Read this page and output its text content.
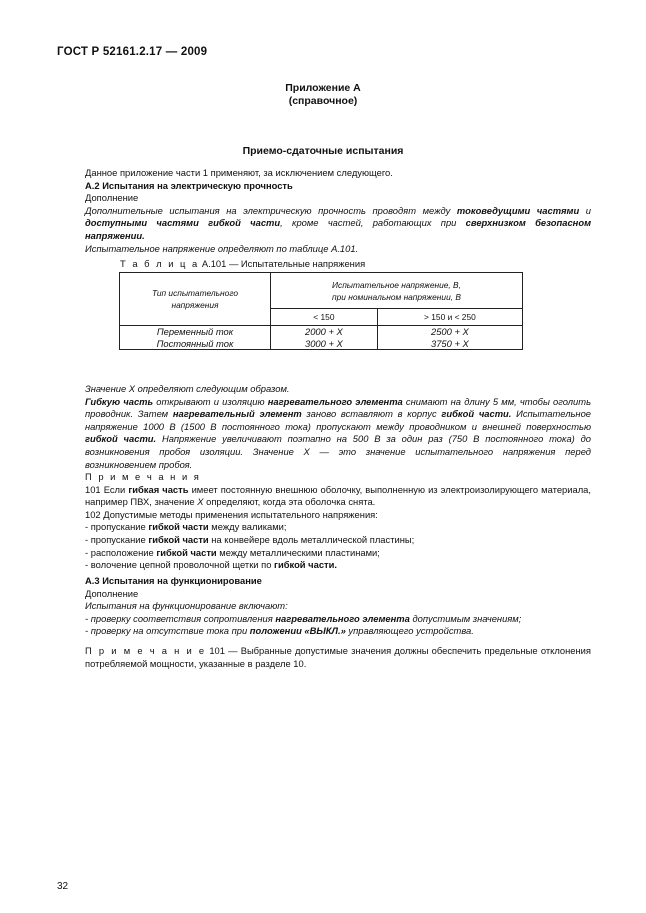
ГОСТ Р 52161.2.17 — 2009
Приложение А
(справочное)
Приемо-сдаточные испытания

Данное приложение части 1 применяют, за исключением следующего.

А.2 Испытания на электрическую прочность

Дополнение

Дополнительные испытания на электрическую прочность проводят между токоведущими частями и доступными частями гибкой части, кроме частей, работающих при сверхнизком безопасном напряжении.

Испытательное напряжение определяют по таблице А.101.

Т а б л и ц а А.101 — Испытательные напряжения
Тип испытательного
напряжения	Испытательное напряжение, В,
при номинальном напряжении, В	

	< 150	> 150 и < 250
Переменный ток	2000 + Х	2500 + Х
Постоянный ток	3000 + Х	3750 + Х

Значение Х определяют следующим образом.

Гибкую часть открывают и изоляцию нагревательного элемента снимают на длину 5 мм, чтобы оголить проводник. Затем нагревательный элемент заново вставляют в корпус гибкой части. Испытательное напряжение 1000 В (1500 В постоянного тока) пропускают между проводником и внешней поверхностью гибкой части. Напряжение увеличивают поэтапно на 500 В за один раз (750 В постоянного тока) до возникновения пробоя изоляции. Значение Х — это значение испытательного напряжения перед возникновением пробоя.

П р и м е ч а н и я

101 Если гибкая часть имеет постоянную внешнюю оболочку, выполненную из электроизолирующего материала, например ПВХ, значение Х определяют, когда эта оболочка снята.

102 Допустимые методы применения испытательного напряжения:

- пропускание гибкой части между валиками;

- пропускание гибкой части на конвейере вдоль металлической пластины;

- расположение гибкой части между металлическими пластинами;

- волочение цепной проволочной щетки по гибкой части.

А.3 Испытания на функционирование

Дополнение

Испытания на функционирование включают:

- проверку соответствия сопротивления нагревательного элемента допустимым значениям;

- проверку на отсутствие тока при положении «ВЫКЛ.» управляющего устройства.

П р и м е ч а н и е 101 — Выбранные допустимые значения должны обеспечить предельные отклонения потребляемой мощности, указанные в разделе 10.

32
